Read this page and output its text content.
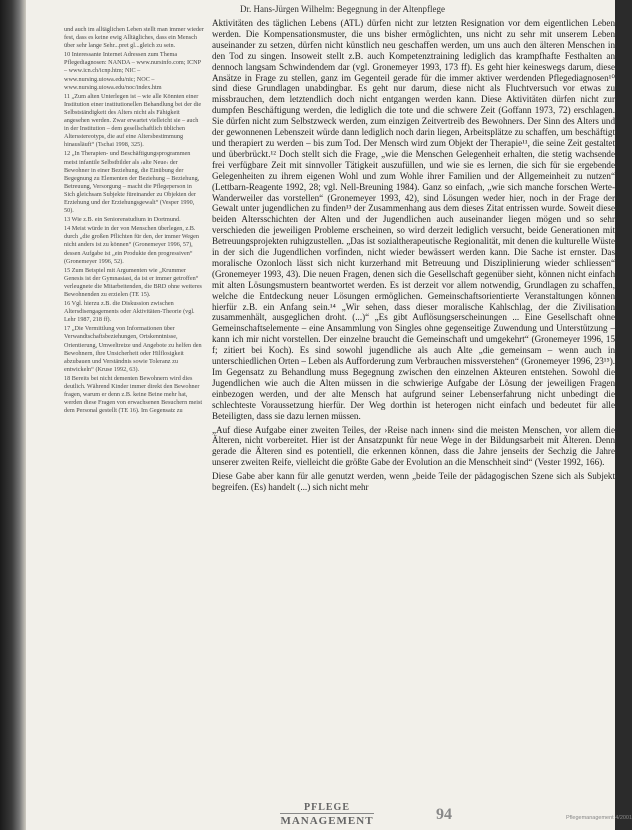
Dr. Hans-Jürgen Wilhelm: Begegnung in der Altenpflege

und auch im alltäglichen Leben stellt man immer wieder fest, dass es keine ewig Alltägliches, dass ein Mensch über sehr lange Sehr...pret gl...gleich zu sein.

10 Interessante Internet Adressen zum Thema Pflegediagnosen: NANDA – www.nursinfo.com; ICNP – www.icn.ch/icnp.htm; NIC – www.nursing.uiowa.edu/nic; NOC – www.nursing.uiowa.edu/noc/index.htm

11 „Zum alten Unterlegen ist – wie alle Könnten einer Institution einer institutionellen Behandlung bei der die Selbstständigkeit des Alters nicht als Fähigkeit angesehen werden. Zwar erwartet vielleicht sie – auch in der Institution – dem gesellschaftlich üblichen Altersstereotyps, die auf eine Altersbestimmung hinausläuft“ (Tschai 1998, 325).

12 „In Therapien- und Beschäftigungsprogrammen meist infantile Selbstbilder als ›alte Neue‹ der Bewohner in einer Beziehung, die Einübung der Begegnung zu Elementen der Beziehung – Beziehung, Betreuung, Versorgung – macht die Pflegeperson in Sich gleichsam Subjekte füreinander zu Objekten der Erziehung und der Erziehungsgewalt“ (Vesper 1990, 50).

13 Wie z.B. ein Seniorenstudium in Dortmund.

14 Meist würde in der von Menschen überlegen, z.B. durch „die großen Pflichten für den, der immer Wegen nicht anders ist zu können“ (Gronemeyer 1996, 57), dessen Aufgabe ist „ein Produkte den progressiven“ (Gronemeyer 1996, 52).

15 Zum Beispiel mit Argumenten wie „Krummer Genesis ist der Gymnasiast, da ist er immer getroffen“ verleugnete die Mitarbeitenden, die BRD ohne weiteres Bewohnenden zu erzielen (TE 15).

16 Vgl. hierzu z.B. die Diskussion zwischen Altersdisengagements oder Aktivitäten-Theorie (vgl. Lehr 1987, 218 ff).

17 „Die Vermittlung von Informationen über Verwandtschaftsbeziehungen, Ortskenntnisse, Orientierung, Umweltreize und Angebote zu helfen den Bewohnern, ihre Unsicherheit oder Hilflosigkeit abzubauen und Verständnis sowie Toleranz zu entwickeln“ (Kruse 1992, 63).

18 Bereits bei nicht dementen Bewohnern wird dies deutlich. Während Kinder immer direkt den Bewohner fragen, warum er denn z.B. keine Beine mehr hat, werden diese Fragen von erwachsenen Besuchern meist dem Personal gestellt (TE 16). Im Gegensatz zu

Aktivitäten des täglichen Lebens (ATL) dürfen nicht zur letzten Resignation vor dem eigentlichen Leben werden. Die Kompensationsmuster, die uns bisher ermöglichten, uns nicht zu sehr mit unserem Leben auseinander zu setzen, dürfen nicht künstlich neu geschaffen werden, um uns auch den älteren Menschen in den Tod zu singen. Insoweit stellt z.B. auch Kompetenztraining lediglich das krampfhafte Festhalten an dennoch langsam Schwindendem dar (vgl. Gronemeyer 1993, 173 ff). Es geht hier keineswegs darum, diese Ansätze in Frage zu stellen, ganz im Gegenteil gerade für die immer aktiver werdenden Pflegediagnosen¹⁰ sind diese Grundlagen unabdingbar. Es geht nur darum, diese nicht als Fluchtversuch vor etwas zu missbrauchen, dem letztendlich doch nicht entgangen werden kann. Diese Aktivitäten dürfen nicht zur dumpfen Beschäftigung werden, die lediglich die tote und die schwere Zeit (Goffann 1973, 72) erschlagen. Sie dürfen nicht zum Selbstzweck werden, zum einzigen Zeitvertreib des Bewohners. Der Sinn des Alters und der gewonnenen Lebenszeit würde dann lediglich noch darin liegen, Arbeitsplätze zu schaffen, um beschäftigt und therapiert zu werden – bis zum Tod. Der Mensch wird zum Objekt der Therapie¹¹, die seine Zeit gestaltet und überbrückt.¹² Doch stellt sich die Frage, „wie die Menschen Gelegenheit erhalten, die stetig wachsende frei verfügbare Zeit mit sinnvoller Tätigkeit auszufüllen, und wie sie es lernen, die sich für sie ergebende Gelegenheiten zu ihrem eigenen Wohl und zum Wohle ihrer Familien und der Allgemeinheit zu nutzen“ (Lettbarn-Reagente 1992, 28; vgl. Nell-Breuning 1984). Ganz so einfach, „wie sich manche forschen Werte-Wanderweiler das vorstellen“ (Gronemeyer 1993, 42), sind Lösungen weder hier, noch in der Frage der Gewalt unter jugendlichen zu finden¹³ der Zusammenhang aus dem dieses Zitat entrissen wurde. Soweit diese beiden Altersschichten der Alten und der Jugendlichen auch auseinander liegen mögen und so sehr verschieden die jeweiligen Probleme erscheinen, so wird derzeit lediglich versucht, beide Generationen mit Betreuungsprojekten ruhigzustellen. „Das ist sozialtherapeutische Regionalität, mit denen die kulturelle Wüste in der sich die Jugendlichen vorfinden, nicht wieder bewässert werden kann. Die Sache ist ernster. Das moralische Ozonloch lässt sich nicht kurzerhand mit Betreuung und Disziplinierung wieder schliessen“ (Gronemeyer 1993, 43). Die neuen Fragen, denen sich die Gesellschaft gegenüber sieht, können nicht einfach mit alten Lösungsmustern beantwortet werden. Es ist derzeit vor allem notwendig, Grundlagen zu schaffen, welche die Entdeckung neuer Lösungen ermöglichen. Gemeinschaftsorientierte Veranstaltungen können hierfür z.B. ein Anfang sein.¹⁴ „Wir sehen, dass dieser moralische Kahlschlag, der die Zivilisation zusammenhält, ausgeglichen droht. (...)“ „Es gibt Auflösungserscheinungen ... Eine Gesellschaft ohne Gemeinschaftselemente – eine Ansammlung von Singles ohne gegenseitige Zuwendung und Unterstützung – kann ich mir nicht vorstellen. Der einzelne braucht die Gemeinschaft und umgekehrt“ (Gronemeyer 1996, 15 f; zitiert bei Koch). Es sind sowohl jugendliche als auch Alte „die gemeinsam – wenn auch in unterschiedlichen Orten – Leben als Aufforderung zum Verbrauchen missverstehen“ (Gronemeyer 1996, 23¹⁵). Im Gegensatz zu Behandlung muss Begegnung zwischen den einzelnen Akteuren entstehen. Sowohl die Jugendlichen wie auch die Alten müssen in die schwierige Aufgabe der Lösung der jeweiligen Fragen einbezogen werden, und der alte Mensch hat aufgrund seiner Lebenserfahrung nicht unbedingt die schlechteste Voraussetzung hierfür. Der Weg dorthin ist heterogen nicht einfach und bedeutet für alle Beteiligten, dass sie dazu lernen müssen.

„Auf diese Aufgabe einer zweiten Teiles, der ›Reise nach innen‹ sind die meisten Menschen, vor allem die Älteren, nicht vorbereitet. Hier ist der Ansatzpunkt für neue Wege in der Bildungsarbeit mit Älteren. Denn gerade die Älteren sind es potentiell, die erkennen können, dass die Jahre jenseits der Sechzig die Jahre unserer zweiten Reife, vielleicht die größte Gabe der Evolution an die Menschheit sind“ (Vester 1992, 166).

Diese Gabe aber kann für alle genutzt werden, wenn „beide Teile der pädagogischen Szene sich als Subjekt begreifen. (Es) handelt (...) sich nicht mehr

PFLEGE
MANAGEMENT	94	Pflegemanagement 4/2001
